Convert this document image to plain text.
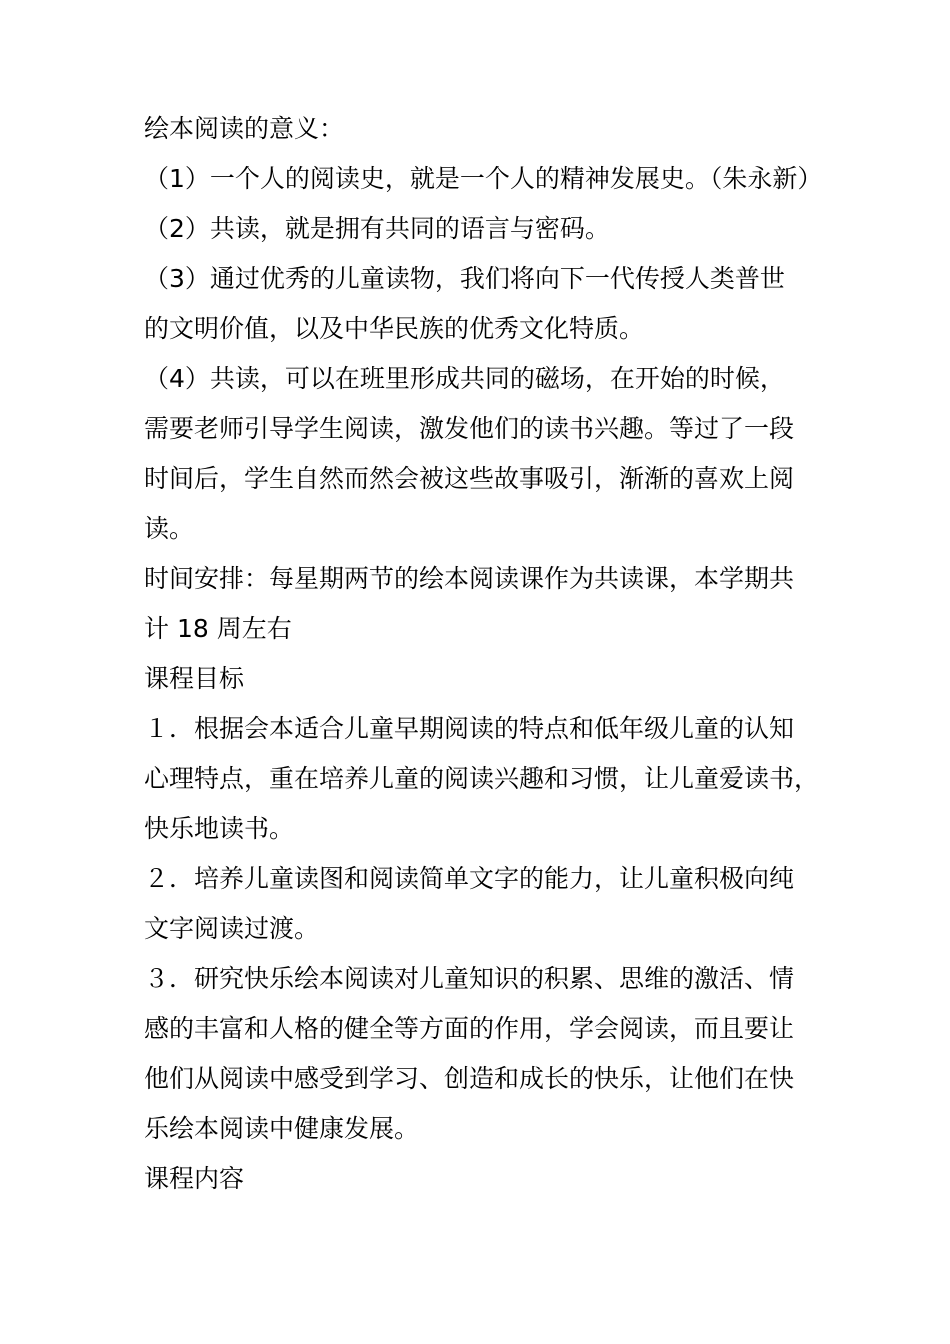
绘本阅读的意义：
（1）一个人的阅读史，就是一个人的精神发展史。（朱永新）
（2）共读，就是拥有共同的语言与密码。
（3）通过优秀的儿童读物，我们将向下一代传授人类普世
的文明价值，以及中华民族的优秀文化特质。
（4）共读，可以在班里形成共同的磁场，在开始的时候，
需要老师引导学生阅读，激发他们的读书兴趣。等过了一段
时间后，学生自然而然会被这些故事吸引，渐渐的喜欢上阅
读。
时间安排：每星期两节的绘本阅读课作为共读课，本学期共
计 18 周左右
课程目标
１．根据会本适合儿童早期阅读的特点和低年级儿童的认知
心理特点，重在培养儿童的阅读兴趣和习惯，让儿童爱读书，
快乐地读书。
２．培养儿童读图和阅读简单文字的能力，让儿童积极向纯
文字阅读过渡。
３．研究快乐绘本阅读对儿童知识的积累、思维的激活、情
感的丰富和人格的健全等方面的作用，学会阅读，而且要让
他们从阅读中感受到学习、创造和成长的快乐，让他们在快
乐绘本阅读中健康发展。
课程内容
